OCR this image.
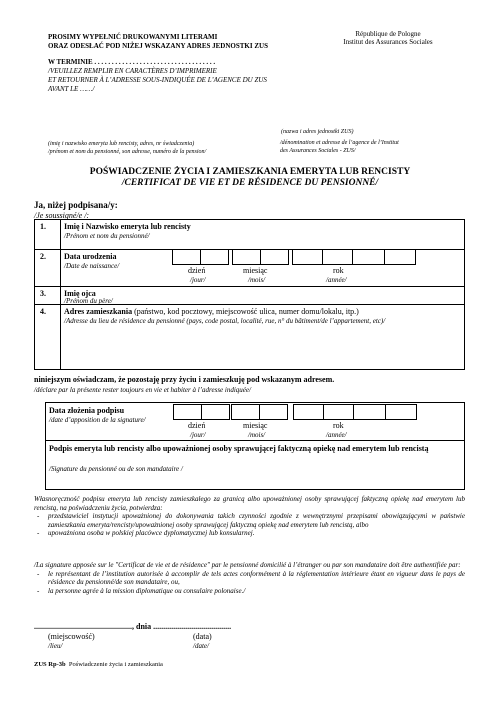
PROSIMY WYPEŁNIĆ DRUKOWANYMI LITERAMI
ORAZ ODESŁAĆ POD NIŻEJ WSKAZANY ADRES JEDNOSTKI ZUS
W TERMINIE . . . . . . . . . . . . . . . . . . . . . . . . . . . . . . . . . . .
/VEUILLEZ REMPLIR EN CARACTÈRES D’IMPRIMERIE
ET RETOURNER À L’ADRESSE SOUS-INDIQUÉE DE L’AGENCE DU ZUS
AVANT LE ……/
République de Pologne
Institut des Assurances Sociales
(imię i nazwisko emeryta lub rencisty, adres, nr świadczenia)
/prénom et nom du pensionné, son adresse, numéro de la pension/
(nazwa i adres jednostki ZUS)
/dénomination et adresse de l’agence de l’Institut
des Assurances Sociales - ZUS/
POŚWIADCZENIE ŻYCIA I ZAMIESZKANIA EMERYTA LUB RENCISTY
/CERTIFICAT DE VIE ET DE RÉSIDENCE DU PENSIONNÉ/
Ja, niżej podpisana/y:
/Je soussigné/e /:
1. Imię i Nazwisko emeryta lub rencisty
/Prénom et nom du pensionné/
2. Data urodzenia
/Date de naissance/	dzień
/jour/
miesiąc
/mois/
rok
/année/
3. Imię ojca
/Prénom du père/
4. Adres zamieszkania (państwo, kod pocztowy, miejscowość ulica, numer domu/lokalu, itp.)
/Adresse du lieu de résidence du pensionné (pays, code postal, localité, rue, n° du bâtiment/de l’appartement, etc)/
niniejszym oświadczam, że pozostaję przy życiu i zamieszkuję pod wskazanym adresem.
/déclare par la présente rester toujours en vie et habiter à l’adresse indiquée/
Data złożenia podpisu
/date d’apposition de la signature/
dzień
/jour/
miesiąc
/mois/
rok
/année/
Podpis emeryta lub rencisty albo upoważnionej osoby sprawującej faktyczną opiekę nad emerytem lub rencistą
/Signature du pensionné ou de son mandataire /
Własnoręczność podpisu emeryta lub rencisty zamieszkałego za granicą albo upoważnionej osoby sprawującej faktyczną opiekę nad emerytem lub rencistą, na poświadczeniu życia, potwierdza:
- przedstawiciel instytucji upoważnionej do dokonywania takich czynności zgodnie z wewnętrznymi przepisami obowiązującymi w państwie zamieszkania emeryta/rencisty/upoważnionej osoby sprawującej faktyczną opiekę nad emerytem lub rencistą, albo
- upoważniona osoba w polskiej placówce dyplomatycznej lub konsularnej.
/La signature apposée sur le "Certificat de vie et de résidence" par le pensionné domicilié à l’étranger ou par son mandataire doit être authentifiée par:
- le représentant de l’institution autorisée à accomplir de tels actes conformément à la réglementation intérieure étant en vigueur dans le pays de résidence du pensionné/de son mandataire, ou,
- la personne agrée à la mission diplomatique ou consulaire polonaise./
................................................., dnia .......................................
(miejscowość)
/lieu/
(data)
/date/
ZUS Rp-3b Poświadczenie życia i zamieszkania
